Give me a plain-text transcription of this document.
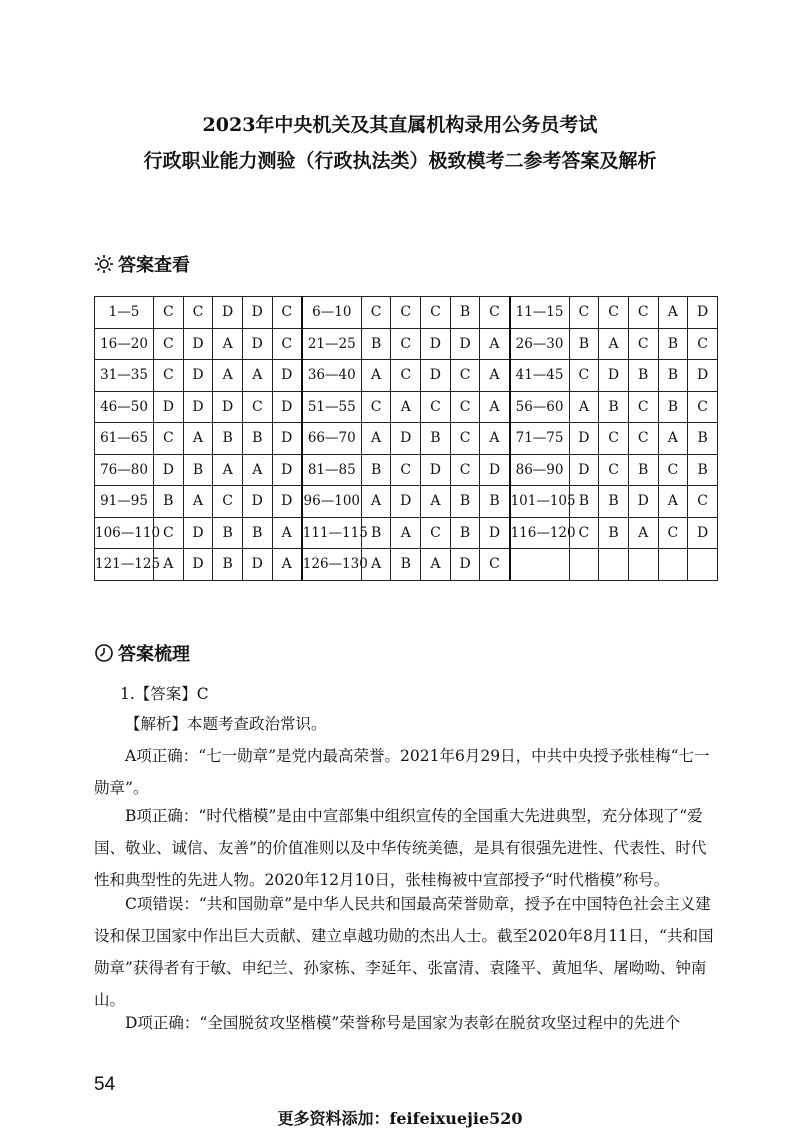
2023年中央机关及其直属机构录用公务员考试
行政职业能力测验（行政执法类）极致模考二参考答案及解析
答案查看
1—5	C	C	D	D	C	6—10	C	C	C	B	C	11—15	C	C	C	A	D
16—20	C	D	A	D	C	21—25	B	C	D	D	A	26—30	B	A	C	B	C
31—35	C	D	A	A	D	36—40	A	C	D	C	A	41—45	C	D	B	B	D
46—50	D	D	D	C	D	51—55	C	A	C	C	A	56—60	A	B	C	B	C
61—65	C	A	B	B	D	66—70	A	D	B	C	A	71—75	D	C	C	A	B
76—80	D	B	A	A	D	81—85	B	C	D	C	D	86—90	D	C	B	C	B
91—95	B	A	C	D	D	96—100	A	D	A	B	B	101—105	B	B	D	A	C
106—110	C	D	B	B	A	111—115	B	A	C	B	D	116—120	C	B	A	C	D
121—125	A	D	B	D	A	126—130	A	B	A	D	C						
答案梳理
1.【答案】C
【解析】本题考查政治常识。
A项正确：“七一勋章”是党内最高荣誉。2021年6月29日，中共中央授予张桂梅“七一勋章”。
B项正确：“时代楷模”是由中宣部集中组织宣传的全国重大先进典型，充分体现了“爱国、敬业、诚信、友善”的价值准则以及中华传统美德，是具有很强先进性、代表性、时代性和典型性的先进人物。2020年12月10日，张桂梅被中宣部授予“时代楷模”称号。
C项错误：“共和国勋章”是中华人民共和国最高荣誉勋章，授予在中国特色社会主义建设和保卫国家中作出巨大贡献、建立卓越功勋的杰出人士。截至2020年8月11日，“共和国勋章”获得者有于敏、申纪兰、孙家栋、李延年、张富清、袁隆平、黄旭华、屠呦呦、钟南山。
D项正确：“全国脱贫攻坚楷模”荣誉称号是国家为表彰在脱贫攻坚过程中的先进个
54
更多资料添加：feifeixuejie520
